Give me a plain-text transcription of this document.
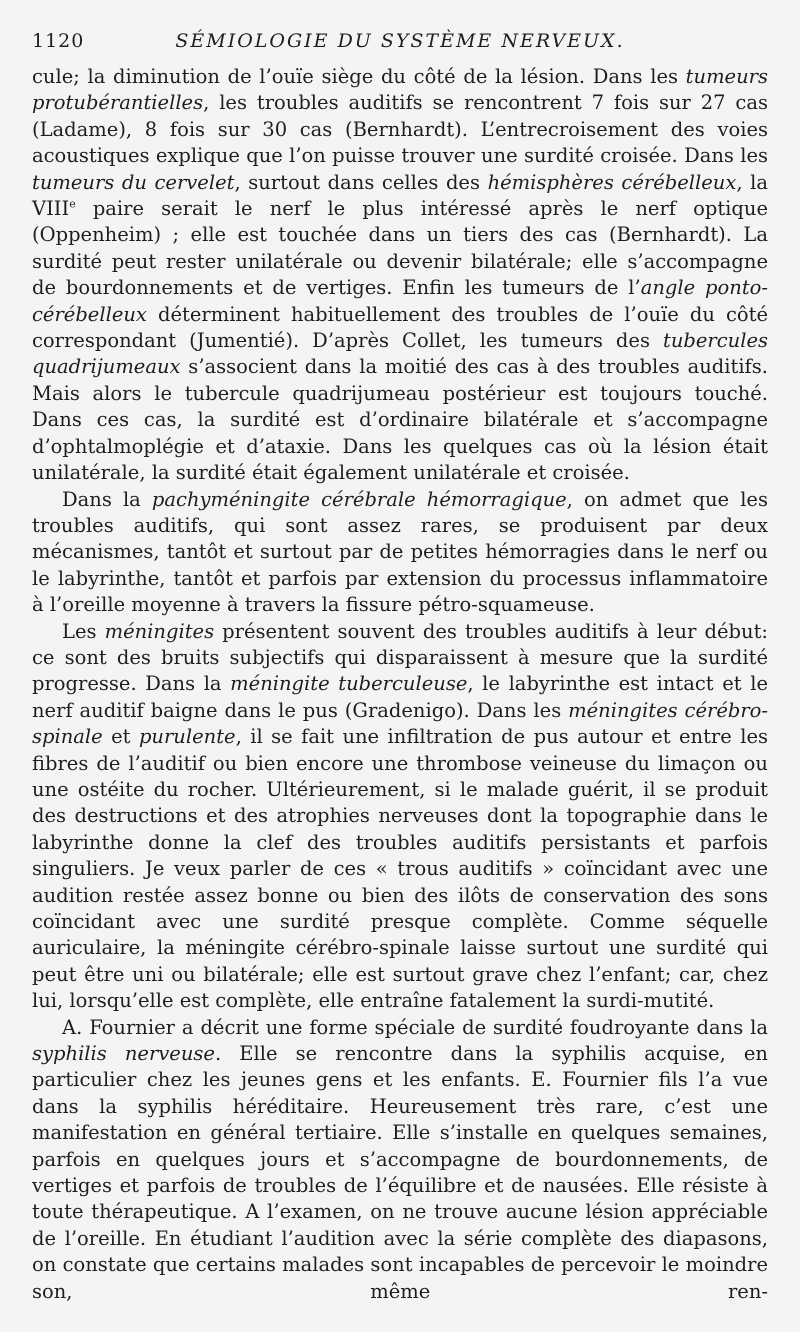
1120	SÉMIOLOGIE DU SYSTÈME NERVEUX.

cule; la diminution de l’ouïe siège du côté de la lésion. Dans les tumeurs protubérantielles, les troubles auditifs se rencontrent 7 fois sur 27 cas (Ladame), 8 fois sur 30 cas (Bernhardt). L’entrecroisement des voies acoustiques explique que l’on puisse trouver une surdité croisée. Dans les tumeurs du cervelet, surtout dans celles des hémisphères cérébelleux, la VIIIe paire serait le nerf le plus intéressé après le nerf optique (Oppenheim) ; elle est touchée dans un tiers des cas (Bernhardt). La surdité peut rester unilatérale ou devenir bilatérale; elle s’accompagne de bourdonnements et de vertiges. Enfin les tumeurs de l’angle ponto-cérébelleux déterminent habituellement des troubles de l’ouïe du côté correspondant (Jumentié). D’après Collet, les tumeurs des tubercules quadrijumeaux s’associent dans la moitié des cas à des troubles auditifs. Mais alors le tubercule quadrijumeau postérieur est toujours touché. Dans ces cas, la surdité est d’ordinaire bilatérale et s’accompagne d’ophtalmoplégie et d’ataxie. Dans les quelques cas où la lésion était unilatérale, la surdité était également unilatérale et croisée.

Dans la pachyméningite cérébrale hémorragique, on admet que les troubles auditifs, qui sont assez rares, se produisent par deux mécanismes, tantôt et surtout par de petites hémorragies dans le nerf ou le labyrinthe, tantôt et parfois par extension du processus inflammatoire à l’oreille moyenne à travers la fissure pétro-squameuse.

Les méningites présentent souvent des troubles auditifs à leur début: ce sont des bruits subjectifs qui disparaissent à mesure que la surdité progresse. Dans la méningite tuberculeuse, le labyrinthe est intact et le nerf auditif baigne dans le pus (Gradenigo). Dans les méningites cérébro-spinale et purulente, il se fait une infiltration de pus autour et entre les fibres de l’auditif ou bien encore une thrombose veineuse du limaçon ou une ostéite du rocher. Ultérieurement, si le malade guérit, il se produit des destructions et des atrophies nerveuses dont la topographie dans le labyrinthe donne la clef des troubles auditifs persistants et parfois singuliers. Je veux parler de ces « trous auditifs » coïncidant avec une audition restée assez bonne ou bien des ilôts de conservation des sons coïncidant avec une surdité presque complète. Comme séquelle auriculaire, la méningite cérébro-spinale laisse surtout une surdité qui peut être uni ou bilatérale; elle est surtout grave chez l’enfant; car, chez lui, lorsqu’elle est complète, elle entraîne fatalement la surdi-mutité.

A. Fournier a décrit une forme spéciale de surdité foudroyante dans la syphilis nerveuse. Elle se rencontre dans la syphilis acquise, en particulier chez les jeunes gens et les enfants. E. Fournier fils l’a vue dans la syphilis héréditaire. Heureusement très rare, c’est une manifestation en général tertiaire. Elle s’installe en quelques semaines, parfois en quelques jours et s’accompagne de bourdonnements, de vertiges et parfois de troubles de l’équilibre et de nausées. Elle résiste à toute thérapeutique. A l’examen, on ne trouve aucune lésion appréciable de l’oreille. En étudiant l’audition avec la série complète des diapasons, on constate que certains malades sont incapables de percevoir le moindre son, même ren-
